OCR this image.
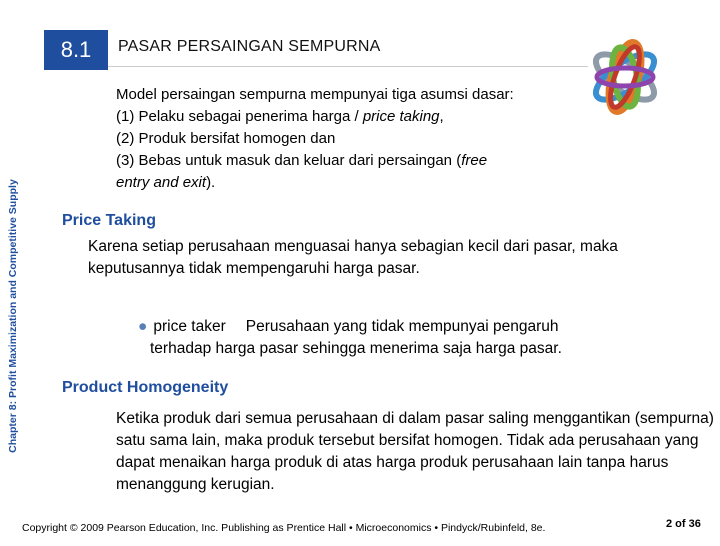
Chapter 8: Profit Maximization and Competitive Supply
8.1 PASAR PERSAINGAN SEMPURNA
Model persaingan sempurna mempunyai tiga asumsi dasar:
(1) Pelaku sebagai penerima harga / price taking,
(2) Produk bersifat homogen dan
(3) Bebas untuk masuk dan keluar dari persaingan (free
entry and exit).
Price Taking
Karena setiap perusahaan menguasai hanya sebagian kecil dari pasar, maka keputusannya tidak mempengaruhi harga pasar.
● price taker Perusahaan yang tidak mempunyai pengaruh
terhadap harga pasar sehingga menerima saja harga pasar.
Product Homogeneity
Ketika produk dari semua perusahaan di dalam pasar saling menggantikan (sempurna) satu sama lain, maka produk tersebut bersifat homogen. Tidak ada perusahaan yang dapat menaikan harga produk di atas harga produk perusahaan lain tanpa harus menanggung kerugian.
Copyright © 2009 Pearson Education, Inc. Publishing as Prentice Hall • Microeconomics • Pindyck/Rubinfeld, 8e.	2 of 36
